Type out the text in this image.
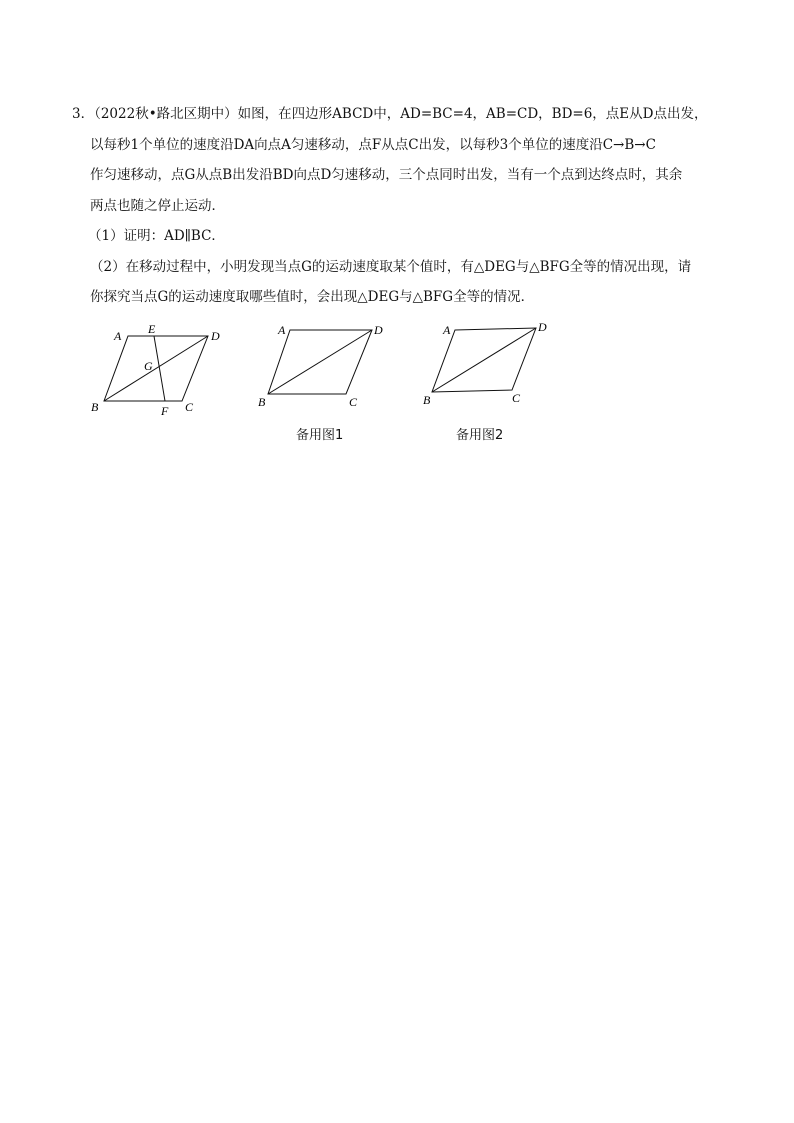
3．（2022秋•路北区期中）如图，在四边形ABCD中，AD=BC=4，AB=CD，BD=6，点E从D点出发，
以每秒1个单位的速度沿DA向点A匀速移动，点F从点C出发，以每秒3个单位的速度沿C→B→C
作匀速移动，点G从点B出发沿BD向点D匀速移动，三个点同时出发，当有一个点到达终点时，其余
两点也随之停止运动．
（1）证明：AD∥BC．
（2）在移动过程中，小明发现当点G的运动速度取某个值时，有△DEG与△BFG全等的情况出现，请
你探究当点G的运动速度取哪些值时，会出现△DEG与△BFG全等的情况．
A E	D
G
B	F C
A	D
B	C
A	D
B	C
备用图1	备用图2
